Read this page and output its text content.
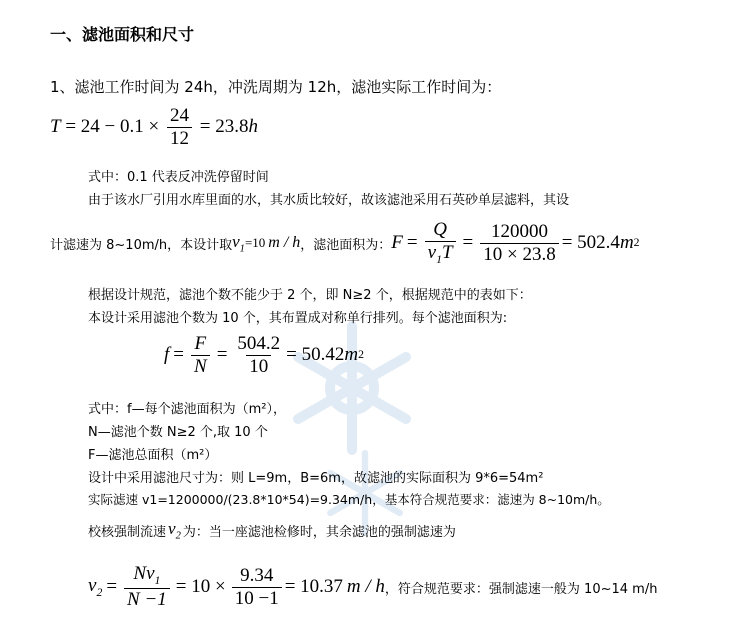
一、滤池面积和尺寸
1、滤池工作时间为 24h，冲洗周期为 12h，滤池实际工作时间为：
$T = 24 - 0.1 \times \frac{24}{12} = 23.8h$
式中：0.1 代表反冲洗停留时间
由于该水厂引用水库里面的水，其水质比较好，故该滤池采用石英砂单层滤料，其设
计滤速为 8~10m/h，本设计取 $v_1 =10$ m / h ，滤池面积为： $F = \frac{Q}{v_1T} = \frac{120000}{10 \times 23.8} = 502.4$ m 2
根据设计规范，滤池个数不能少于 2 个，即 N≥2 个，根据规范中的表如下：
本设计采用滤池个数为 10 个，其布置成对称单行排列。每个滤池面积为:
$f = \frac{F}{N} = \frac{504.2}{10} = 50.42$ m 2
式中：f—每个滤池面积为（m²），
N—滤池个数 N≥2 个,取 10 个
F—滤池总面积（m²）
设计中采用滤池尺寸为：则 L=9m，B=6m，故滤池的实际面积为 9*6=54m²
实际滤速 v1=1200000/(23.8*10*54)=9.34m/h，基本符合规范要求：滤速为 8~10m/h。
校核强制流速 $v_2$ 为：当一座滤池检修时，其余滤池的强制滤速为
$v_2 = \frac{Nv_1}{N -1} = 10 \times \frac{9.34}{10 -1} = 10.37$ m / h ，符合规范要求：强制滤速一般为 10~14 m/h
